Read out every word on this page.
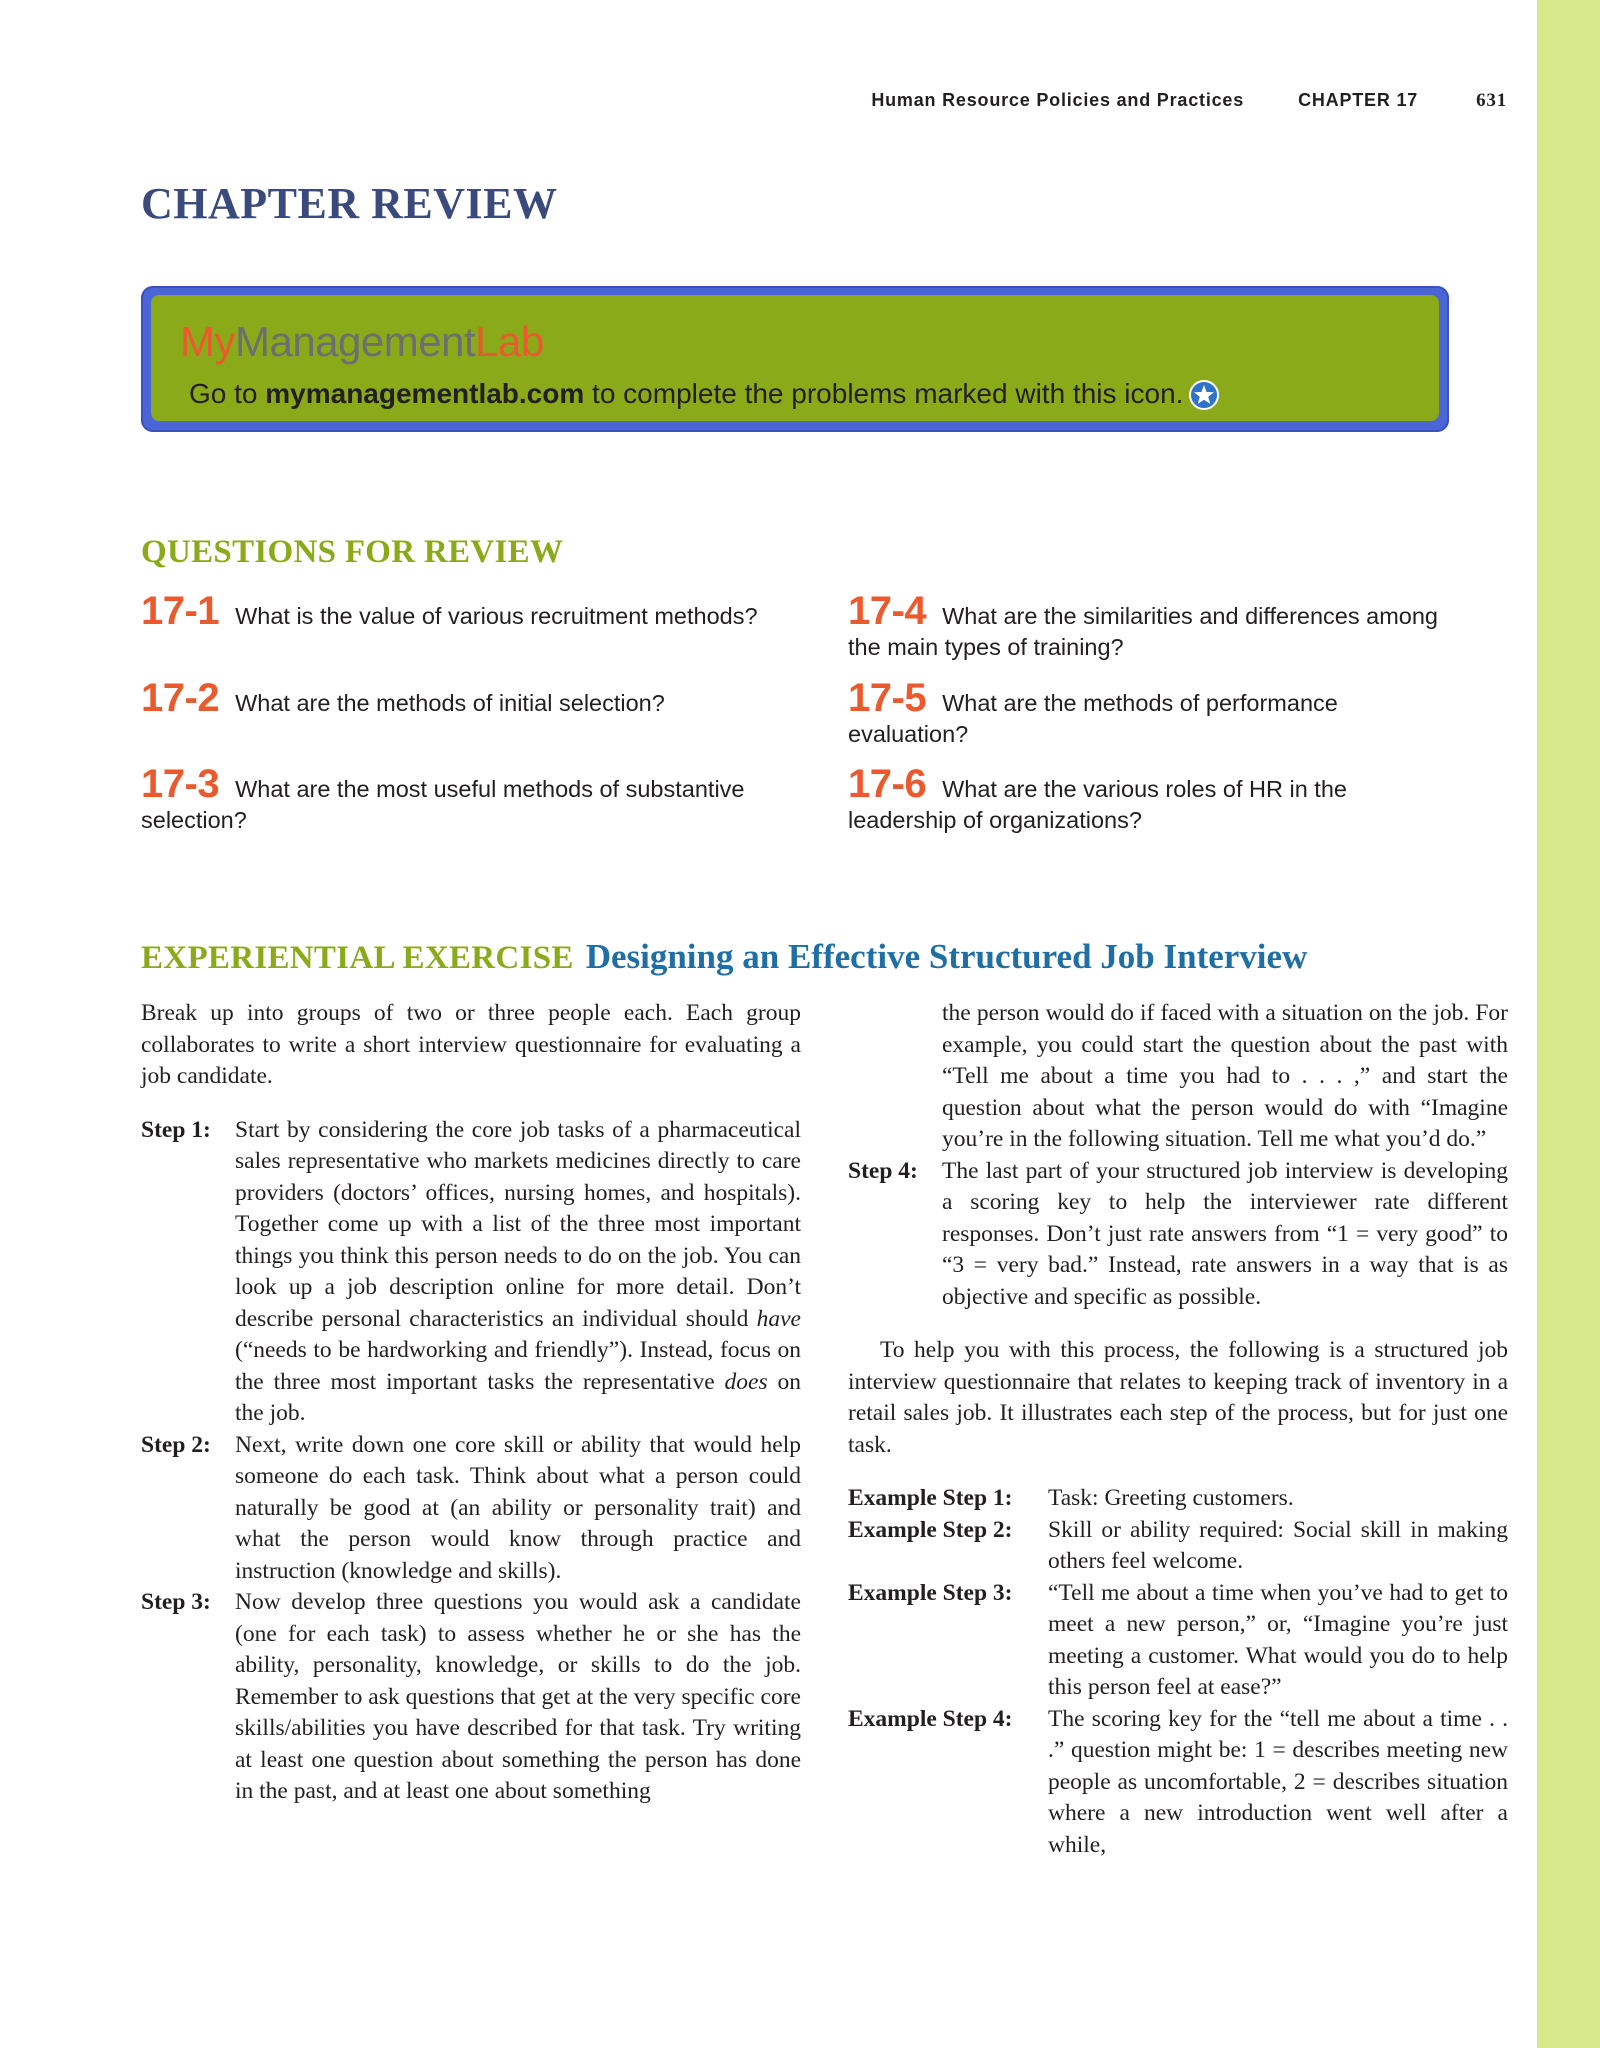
Human Resource Policies and Practices	CHAPTER 17	631
CHAPTER REVIEW
MyManagementLab
Go to mymanagementlab.com to complete the problems marked with this icon.
QUESTIONS FOR REVIEW
17-1 What is the value of various recruitment methods?
17-2 What are the methods of initial selection?
17-3 What are the most useful methods of substantive selection?
17-4 What are the similarities and differences among the main types of training?
17-5 What are the methods of performance evaluation?
17-6 What are the various roles of HR in the leadership of organizations?
EXPERIENTIAL EXERCISE Designing an Effective Structured Job Interview

Break up into groups of two or three people each. Each group collaborates to write a short interview questionnaire for evaluating a job candidate.

Step 1:	Start by considering the core job tasks of a pharmaceutical sales representative who markets medicines directly to care providers (doctors’ offices, nursing homes, and hospitals). Together come up with a list of the three most important things you think this person needs to do on the job. You can look up a job description online for more detail. Don’t describe personal characteristics an individual should have (“needs to be hardworking and friendly”). Instead, focus on the three most important tasks the representative does on the job.

Step 2:	Next, write down one core skill or ability that would help someone do each task. Think about what a person could naturally be good at (an ability or personality trait) and what the person would know through practice and instruction (knowledge and skills).

Step 3:	Now develop three questions you would ask a candidate (one for each task) to assess whether he or she has the ability, personality, knowledge, or skills to do the job. Remember to ask questions that get at the very specific core skills/abilities you have described for that task. Try writing at least one question about something the person has done in the past, and at least one about something

the person would do if faced with a situation on the job. For example, you could start the question about the past with “Tell me about a time you had to . . . ,” and start the question about what the person would do with “Imagine you’re in the following situation. Tell me what you’d do.”

Step 4:	The last part of your structured job interview is developing a scoring key to help the interviewer rate different responses. Don’t just rate answers from “1 = very good” to “3 = very bad.” Instead, rate answers in a way that is as objective and specific as possible.

To help you with this process, the following is a structured job interview questionnaire that relates to keeping track of inventory in a retail sales job. It illustrates each step of the process, but for just one task.

Example Step 1:	Task: Greeting customers.

Example Step 2:	Skill or ability required: Social skill in making others feel welcome.

Example Step 3:	“Tell me about a time when you’ve had to get to meet a new person,” or, “Imagine you’re just meeting a customer. What would you do to help this person feel at ease?”

Example Step 4:	The scoring key for the “tell me about a time . . .” question might be: 1 = describes meeting new people as uncomfortable, 2 = describes situation where a new introduction went well after a while,
